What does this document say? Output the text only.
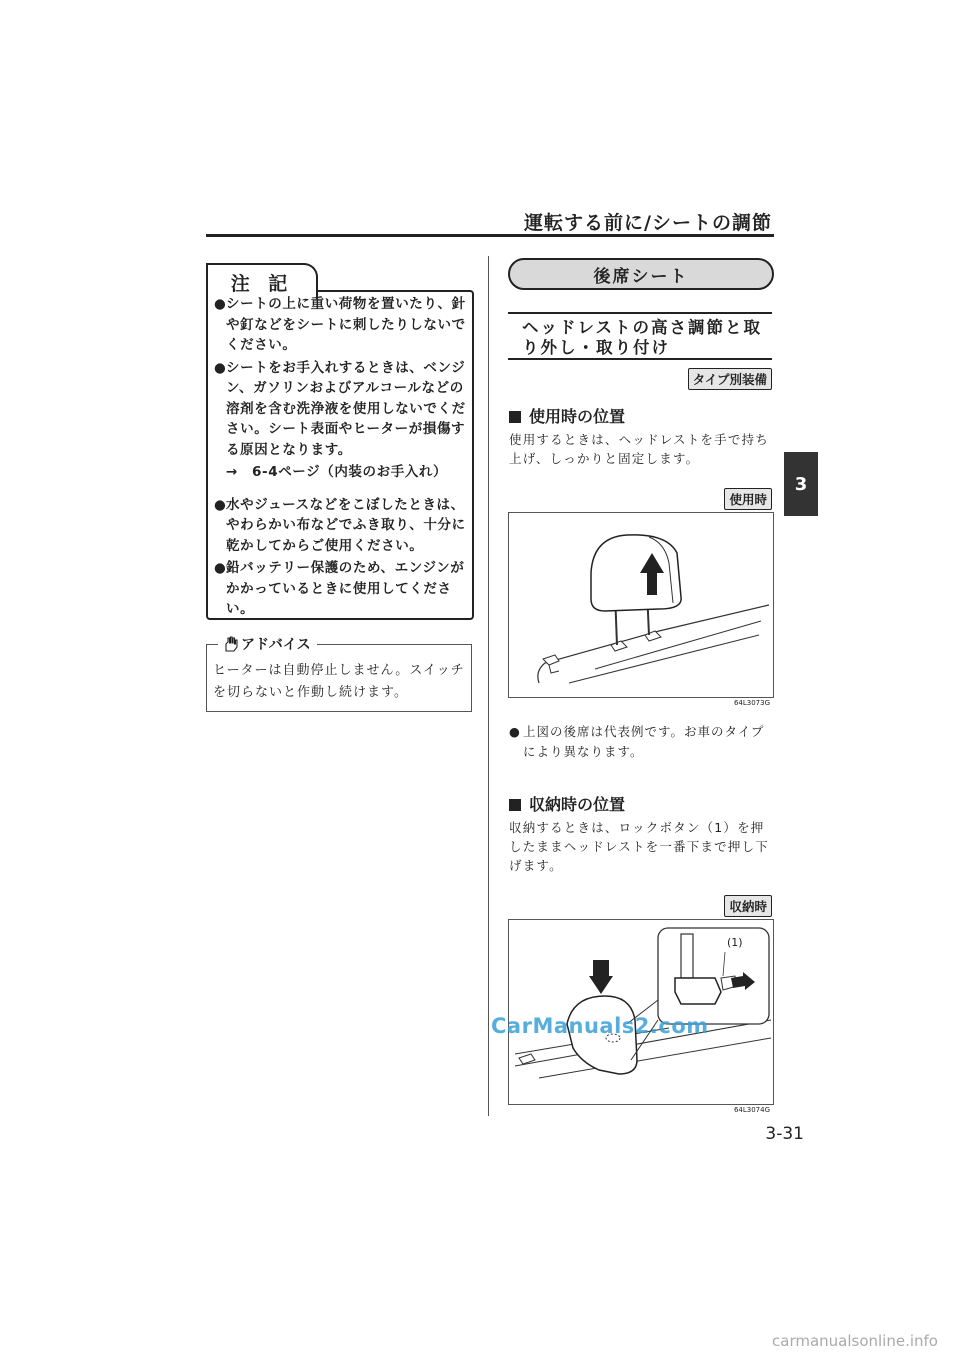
運転する前に/シートの調節
3
注 記
● シートの上に重い荷物を置いたり、針や釘などをシートに刺したりしないでください。
● シートをお手入れするときは、ベンジン、ガソリンおよびアルコールなどの溶剤を含む洗浄液を使用しないでください。シート表面やヒーターが損傷する原因となります。
→　6-4ページ（内装のお手入れ）
● 水やジュースなどをこぼしたときは、やわらかい布などでふき取り、十分に乾かしてからご使用ください。
● 鉛バッテリー保護のため、エンジンがかかっているときに使用してください。
アドバイス
ヒーターは自動停止しません。スイッチを切らないと作動し続けます。
後席シート
ヘッドレストの高さ調節と取り外し・取り付け
タイプ別装備
使用時の位置
使用するときは、ヘッドレストを手で持ち上げ、しっかりと固定します。
使用時
64L3073G
● 上図の後席は代表例です。お車のタイプにより異なります。
収納時の位置
収納するときは、ロックボタン（1）を押したままヘッドレストを一番下まで押し下げます。
収納時
(1)
64L3074G
CarManuals2.com
3-31
carmanualsonline.info
